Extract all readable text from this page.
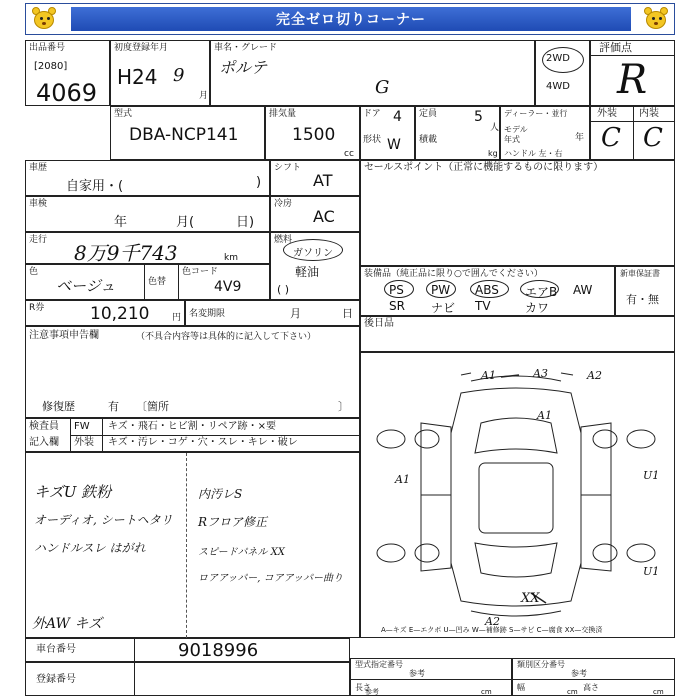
完全ゼロ切りコーナー
出品番号
[2080]
4069
初度登録年月
H24 9
月
車名・グレード
ポルテ
G
2WD
4WD
評価点
R
型式
DBA-NCP141
排気量
1500
cc
ドア 4
形状 W
定員	5
人
積載
kg
ディーラー・並行
モデル年式	年
ハンドル 左・右
外装 内装
C C
車歴
自家用・(	)
シフト
AT
車検
年	月(	日)
冷房
AC
走行
8万9千743	km
燃料
ガソリン
軽油
( )
色
ベージュ	色替
色コード
4V9
R券	10,210	円 名変期限	月	日
注意事項申告欄	（不具合内容等は具体的に記入して下さい）
修復歴	有 〔箇所	〕
セールスポイント（正常に機能するものに限ります）
装備品（純正品に限り○で囲んでください）
PS PW ABS エアB AW
SR ナビ TV	カワ
新車保証書
有・無
後日品
検査員
記入欄
FW
外装
キズ・飛石・ヒビ割・リペア跡・×要
キズ・汚レ・コゲ・穴・スレ・キレ・破レ
キズU 鉄粉
オーディオ, シートヘタリ
ハンドルスレ はがれ
外AW キズ
内汚レS
Rフロア修正
スピードパネル XX
ロアアッパー, コアアッパー曲り
A1	A3	A2
A1
A1	U1
U1
XX
A2
A—キズ E—エクボ U—凹み W—補修跡 S—サビ C—腐食 XX—交換済
車台番号	9018996
登録番号
型式指定番号
参考
長さ
参考	cm
類別区分番号
参考
幅	cm 高さ	cm
